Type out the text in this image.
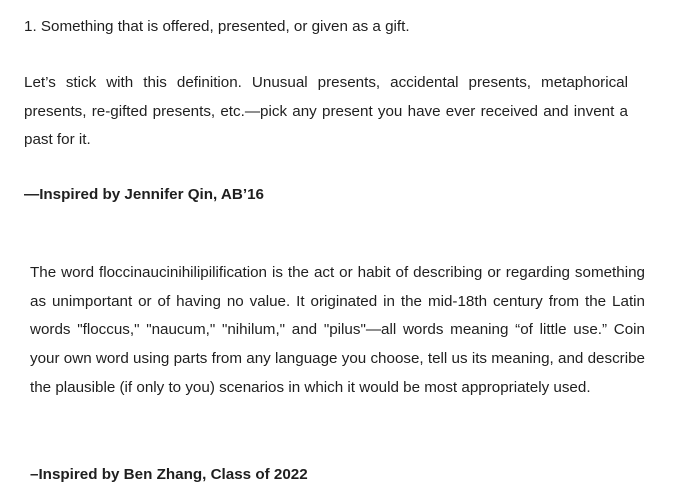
1. Something that is offered, presented, or given as a gift.

Let’s stick with this definition. Unusual presents, accidental presents, metaphorical presents, re-gifted presents, etc.—pick any present you have ever received and invent a past for it.

—Inspired by Jennifer Qin, AB’16

The word floccinaucinihilipilification is the act or habit of describing or regarding something as unimportant or of having no value. It originated in the mid-18th century from the Latin words "floccus," "naucum," "nihilum," and "pilus"—all words meaning “of little use.” Coin your own word using parts from any language you choose, tell us its meaning, and describe the plausible (if only to you) scenarios in which it would be most appropriately used.

–Inspired by Ben Zhang, Class of 2022
